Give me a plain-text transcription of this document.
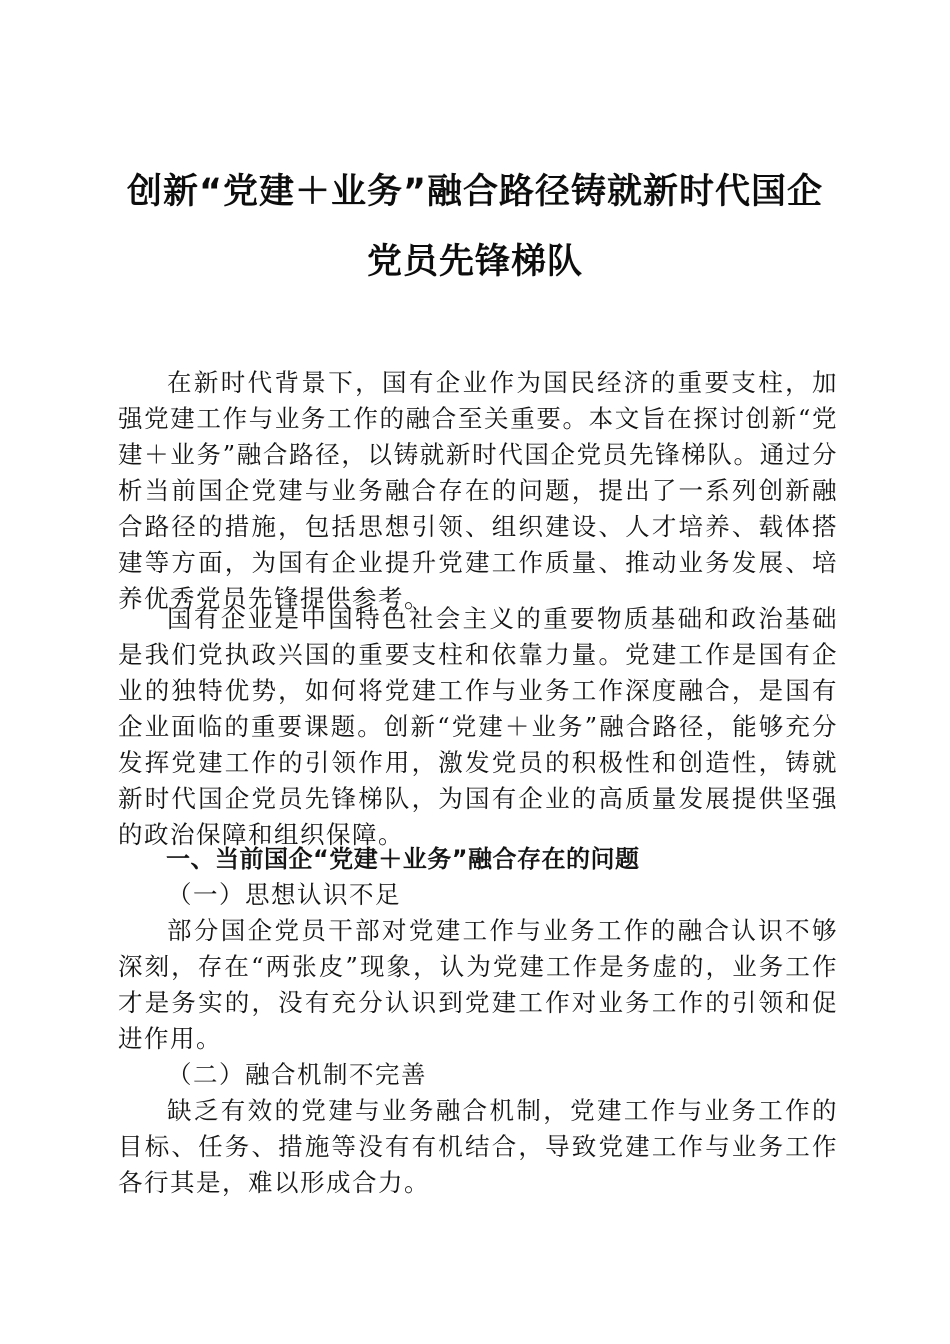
创新“党建＋业务”融合路径铸就新时代国企
党员先锋梯队

在新时代背景下，国有企业作为国民经济的重要支柱，加强党建工作与业务工作的融合至关重要。本文旨在探讨创新“党建＋业务”融合路径，以铸就新时代国企党员先锋梯队。通过分析当前国企党建与业务融合存在的问题，提出了一系列创新融合路径的措施，包括思想引领、组织建设、人才培养、载体搭建等方面，为国有企业提升党建工作质量、推动业务发展、培养优秀党员先锋提供参考。

国有企业是中国特色社会主义的重要物质基础和政治基础是我们党执政兴国的重要支柱和依靠力量。党建工作是国有企业的独特优势，如何将党建工作与业务工作深度融合，是国有企业面临的重要课题。创新“党建＋业务”融合路径，能够充分发挥党建工作的引领作用，激发党员的积极性和创造性，铸就新时代国企党员先锋梯队，为国有企业的高质量发展提供坚强的政治保障和组织保障。

一、当前国企“党建＋业务”融合存在的问题
（一）思想认识不足

部分国企党员干部对党建工作与业务工作的融合认识不够深刻，存在“两张皮”现象，认为党建工作是务虚的，业务工作才是务实的，没有充分认识到党建工作对业务工作的引领和促进作用。

（二）融合机制不完善

缺乏有效的党建与业务融合机制，党建工作与业务工作的目标、任务、措施等没有有机结合，导致党建工作与业务工作各行其是，难以形成合力。
